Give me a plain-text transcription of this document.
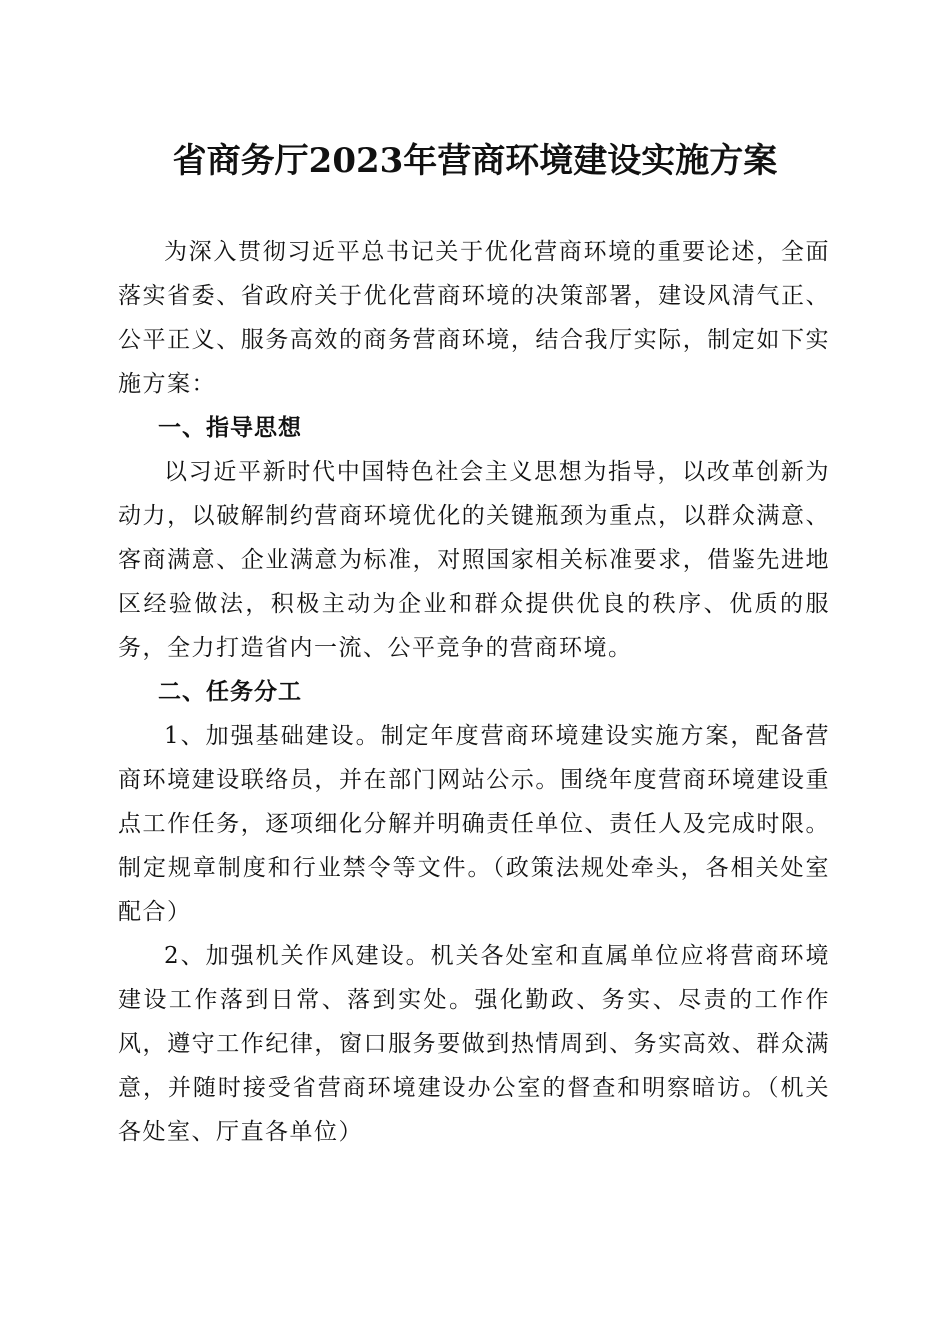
省商务厅2023年营商环境建设实施方案

为深入贯彻习近平总书记关于优化营商环境的重要论述，全面落实省委、省政府关于优化营商环境的决策部署，建设风清气正、公平正义、服务高效的商务营商环境，结合我厅实际，制定如下实施方案：

一、指导思想

以习近平新时代中国特色社会主义思想为指导，以改革创新为动力，以破解制约营商环境优化的关键瓶颈为重点，以群众满意、客商满意、企业满意为标准，对照国家相关标准要求，借鉴先进地区经验做法，积极主动为企业和群众提供优良的秩序、优质的服务，全力打造省内一流、公平竞争的营商环境。

二、任务分工

1、加强基础建设。制定年度营商环境建设实施方案，配备营商环境建设联络员，并在部门网站公示。围绕年度营商环境建设重点工作任务，逐项细化分解并明确责任单位、责任人及完成时限。制定规章制度和行业禁令等文件。（政策法规处牵头，各相关处室配合）

2、加强机关作风建设。机关各处室和直属单位应将营商环境建设工作落到日常、落到实处。强化勤政、务实、尽责的工作作风，遵守工作纪律，窗口服务要做到热情周到、务实高效、群众满意，并随时接受省营商环境建设办公室的督查和明察暗访。（机关各处室、厅直各单位）
